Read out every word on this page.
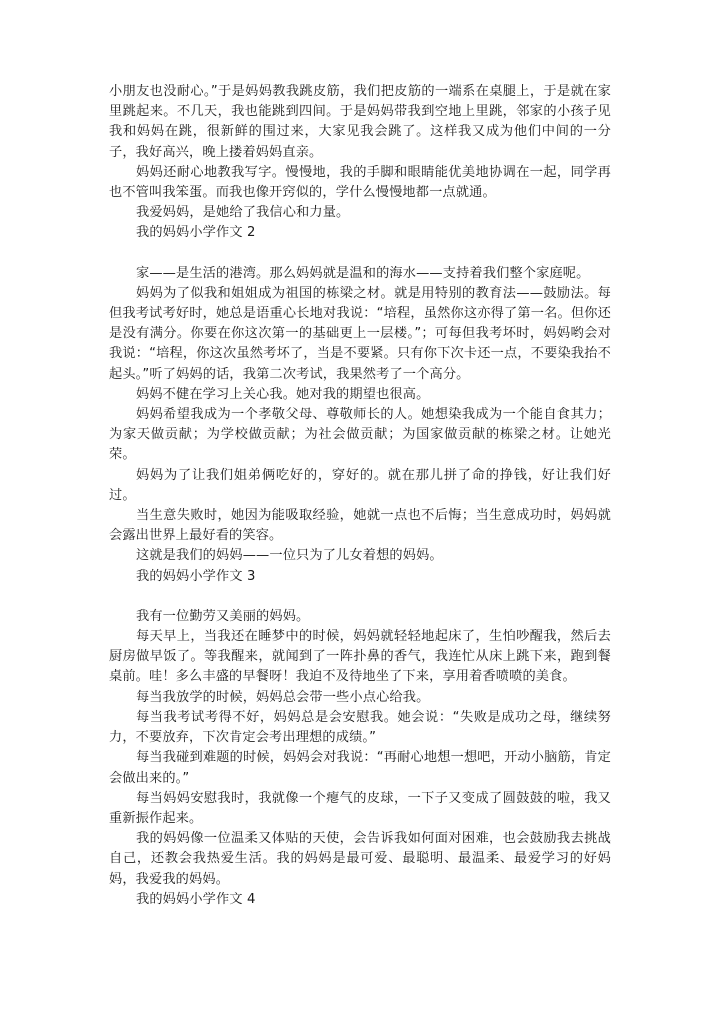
小朋友也没耐心。”于是妈妈教我跳皮筋，我们把皮筋的一端系在桌腿上，于是就在家里跳起来。不几天，我也能跳到四间。于是妈妈带我到空地上里跳，邻家的小孩子见我和妈妈在跳，很新鲜的围过来，大家见我会跳了。这样我又成为他们中间的一分子，我好高兴，晚上搂着妈妈直亲。

妈妈还耐心地教我写字。慢慢地，我的手脚和眼睛能优美地协调在一起，同学再也不管叫我笨蛋。而我也像开窍似的，学什么慢慢地都一点就通。

我爱妈妈，是她给了我信心和力量。

我的妈妈小学作文 2

家——是生活的港湾。那么妈妈就是温和的海水——支持着我们整个家庭呢。

妈妈为了似我和姐姐成为祖国的栋梁之材。就是用特别的教育法——鼓励法。每但我考试考好时，她总是语重心长地对我说：“培程，虽然你这亦得了第一名。但你还是没有满分。你要在你这次第一的基础更上一层楼。”；可每但我考坏时，妈妈哟会对我说：“培程，你这次虽然考坏了，当是不要紧。只有你下次卡还一点，不要染我抬不起头。”听了妈妈的话，我第二次考试，我果然考了一个高分。

妈妈不健在学习上关心我。她对我的期望也很高。

妈妈希望我成为一个孝敬父母、尊敬师长的人。她想染我成为一个能自食其力；为家天做贡献；为学校做贡献；为社会做贡献；为国家做贡献的栋梁之材。让她光荣。

妈妈为了让我们姐弟俩吃好的，穿好的。就在那儿拼了命的挣钱，好让我们好过。

当生意失败时，她因为能吸取经验，她就一点也不后悔；当生意成功时，妈妈就会露出世界上最好看的笑容。

这就是我们的妈妈——一位只为了儿女着想的妈妈。

我的妈妈小学作文 3

我有一位勤劳又美丽的妈妈。

每天早上，当我还在睡梦中的时候，妈妈就轻轻地起床了，生怕吵醒我，然后去厨房做早饭了。等我醒来，就闻到了一阵扑鼻的香气，我连忙从床上跳下来，跑到餐桌前。哇！多么丰盛的早餐呀！我迫不及待地坐了下来，享用着香喷喷的美食。

每当我放学的时候，妈妈总会带一些小点心给我。

每当我考试考得不好，妈妈总是会安慰我。她会说：“失败是成功之母，继续努力，不要放弃，下次肯定会考出理想的成绩。”

每当我碰到难题的时候，妈妈会对我说：“再耐心地想一想吧，开动小脑筋，肯定会做出来的。”

每当妈妈安慰我时，我就像一个瘪气的皮球，一下子又变成了圆鼓鼓的啦，我又重新振作起来。

我的妈妈像一位温柔又体贴的天使，会告诉我如何面对困难，也会鼓励我去挑战自己，还教会我热爱生活。我的妈妈是最可爱、最聪明、最温柔、最爱学习的好妈妈，我爱我的妈妈。

我的妈妈小学作文 4
